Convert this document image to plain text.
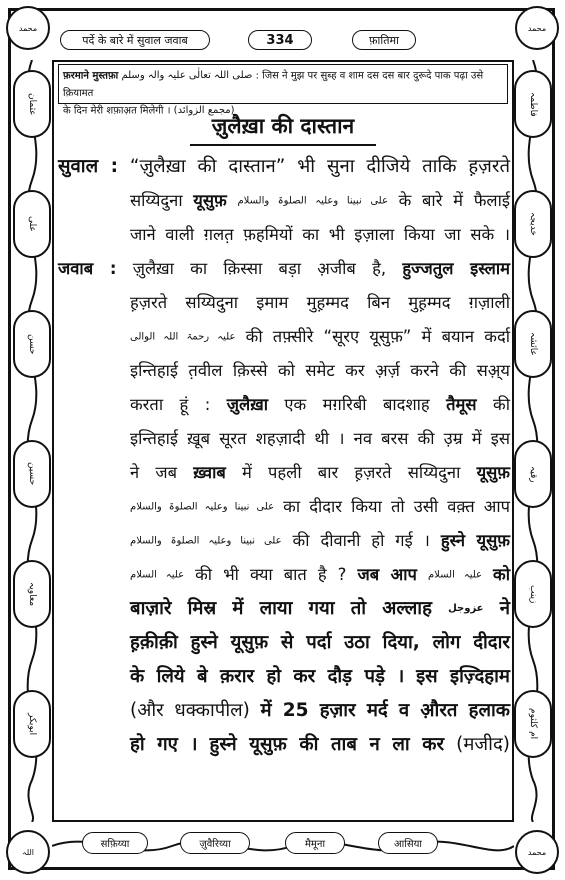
محمد	محمد
اللہ	محمد
عثمان
علی
حسن
حسین
معاویہ
ابوبکر
فاطمہ
خدیجہ
عائشہ
رقیہ
زینب
ام کلثوم
पर्दे के बारे में सुवाल जवाब	334	फ़ातिमा
फ़रमाने मुस्तफ़ा صلی اللہ تعالٰی علیہ والہ وسلم : जिस ने मुझ पर सुब्ह व शाम दस दस बार दुरूदे पाक पढ़ा उसे क़ियामत
के दिन मेरी शफ़ाअ़त मिलेगी । (مجمع الزوائد)
ज़ुलैख़ा की दास्तान
सुवाल : “ज़ुलैख़ा की दास्तान” भी सुना दीजिये ताकि ह़ज़रते
सय्यिदुना यूसुफ़ علی نبینا وعلیہ الصلوۃ والسلام के बारे में फैलाई
जाने वाली ग़लत़ फ़हमियों का भी इज़ाला किया जा सके ।
जवाब : ज़ुलैख़ा का क़िस्सा बड़ा अ़जीब है, हुज्जतुल इस्लाम
ह़ज़रते सय्यिदुना इमाम मुह़म्मद बिन मुह़म्मद ग़ज़ाली
علیہ رحمۃ اللہ الوالی की तफ़्सीरे “सूरए यूसुफ़” में बयान कर्दा
इन्तिहाई त़वील क़िस्से को समेट कर अ़र्ज़ करने की सअ़्य
करता हूं : ज़ुलैख़ा एक मग़रिबी बादशाह तैमूस की
इन्तिहाई ख़ूब सूरत शहज़ादी थी । नव बरस की उ़म्र में इस
ने जब ख़्वाब में पहली बार ह़ज़रते सय्यिदुना यूसुफ़
علی نبینا وعلیہ الصلوۃ والسلام का दीदार किया तो उसी वक़्त आप
علی نبینا وعلیہ الصلوۃ والسلام की दीवानी हो गई । हुस्ने यूसुफ़
علیہ السلام की भी क्या बात है ? जब आप علیہ السلام को
बाज़ारे मिस्र में लाया गया तो अल्लाह عزوجل ने
ह़क़ीक़ी हुस्ने यूसुफ़ से पर्दा उठा दिया, लोग दीदार
के लिये बे क़रार हो कर दौड़ पड़े । इस इज़्दिहाम
(और धक्कापील) में 25 हज़ार मर्द व औ़रत हलाक
हो गए । हुस्ने यूसुफ़ की ताब न ला कर (मजीद)
सफ़िय्या	ज़ुवैरिय्या	मैमूना	आसिया
